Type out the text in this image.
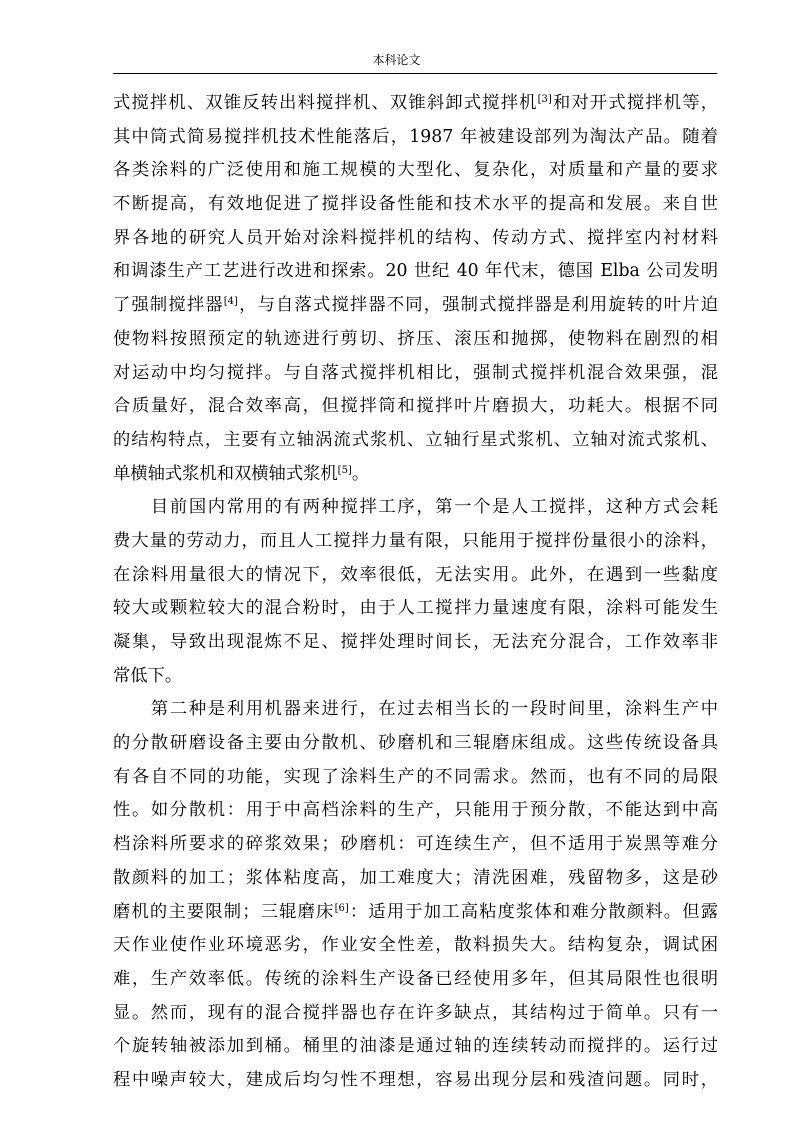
本科论文
式搅拌机、双锥反转出料搅拌机、双锥斜卸式搅拌机[3]和对开式搅拌机等，
其中筒式简易搅拌机技术性能落后，1987 年被建设部列为淘汰产品。随着
各类涂料的广泛使用和施工规模的大型化、复杂化，对质量和产量的要求
不断提高，有效地促进了搅拌设备性能和技术水平的提高和发展。来自世
界各地的研究人员开始对涂料搅拌机的结构、传动方式、搅拌室内衬材料
和调漆生产工艺进行改进和探索。20 世纪 40 年代末，德国 Elba 公司发明
了强制搅拌器[4]，与自落式搅拌器不同，强制式搅拌器是利用旋转的叶片迫
使物料按照预定的轨迹进行剪切、挤压、滚压和抛掷，使物料在剧烈的相
对运动中均匀搅拌。与自落式搅拌机相比，强制式搅拌机混合效果强，混
合质量好，混合效率高，但搅拌筒和搅拌叶片磨损大，功耗大。根据不同
的结构特点，主要有立轴涡流式浆机、立轴行星式浆机、立轴对流式浆机、
单横轴式浆机和双横轴式浆机[5]。
　　目前国内常用的有两种搅拌工序，第一个是人工搅拌，这种方式会耗
费大量的劳动力，而且人工搅拌力量有限，只能用于搅拌份量很小的涂料，
在涂料用量很大的情况下，效率很低，无法实用。此外，在遇到一些黏度
较大或颗粒较大的混合粉时，由于人工搅拌力量速度有限，涂料可能发生
凝集，导致出现混炼不足、搅拌处理时间长，无法充分混合，工作效率非
常低下。
　　第二种是利用机器来进行，在过去相当长的一段时间里，涂料生产中
的分散研磨设备主要由分散机、砂磨机和三辊磨床组成。这些传统设备具
有各自不同的功能，实现了涂料生产的不同需求。然而，也有不同的局限
性。如分散机：用于中高档涂料的生产，只能用于预分散，不能达到中高
档涂料所要求的碎浆效果；砂磨机：可连续生产，但不适用于炭黑等难分
散颜料的加工；浆体粘度高，加工难度大；清洗困难，残留物多，这是砂
磨机的主要限制；三辊磨床[6]：适用于加工高粘度浆体和难分散颜料。但露
天作业使作业环境恶劣，作业安全性差，散料损失大。结构复杂，调试困
难，生产效率低。传统的涂料生产设备已经使用多年，但其局限性也很明
显。然而，现有的混合搅拌器也存在许多缺点，其结构过于简单。只有一
个旋转轴被添加到桶。桶里的油漆是通过轴的连续转动而搅拌的。运行过
程中噪声较大，建成后均匀性不理想，容易出现分层和残渣问题。同时，
